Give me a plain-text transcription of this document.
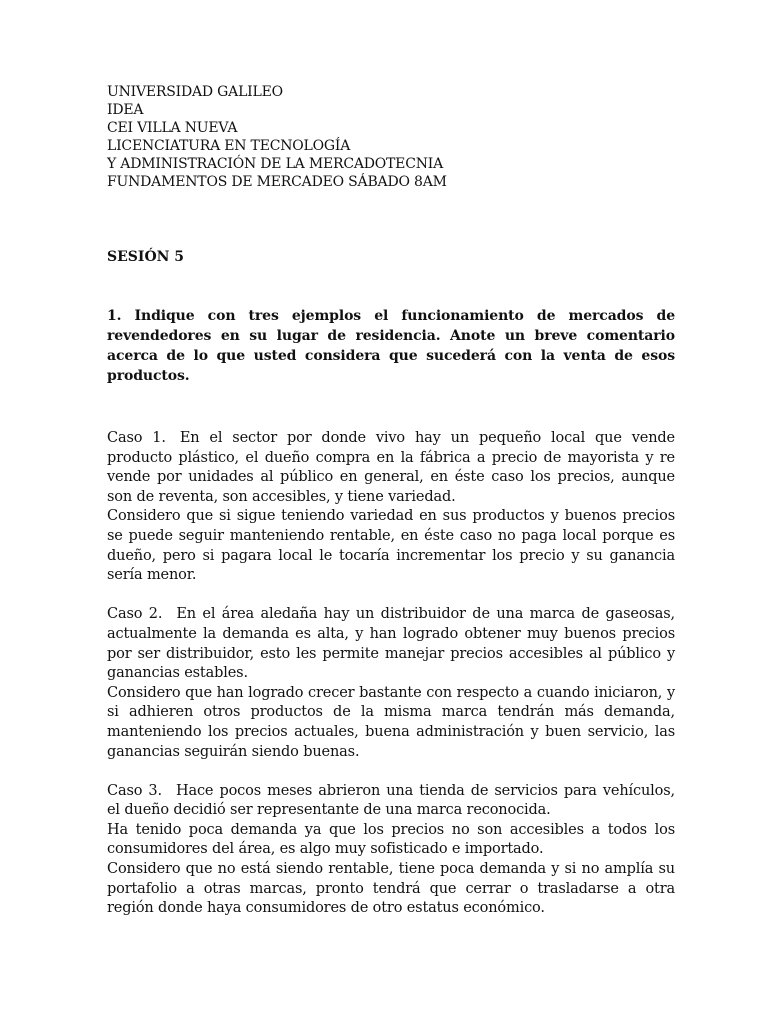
UNIVERSIDAD GALILEO
IDEA
CEI VILLA NUEVA
LICENCIATURA EN TECNOLOGÍA
Y ADMINISTRACIÓN DE LA MERCADOTECNIA
FUNDAMENTOS DE MERCADEO SÁBADO 8AM
SESIÓN 5
1. Indique con tres ejemplos el funcionamiento de mercados de revendedores en su lugar de residencia. Anote un breve comentario acerca de lo que usted considera que sucederá con la venta de esos productos.

Caso 1. En el sector por donde vivo hay un pequeño local que vende producto plástico, el dueño compra en la fábrica a precio de mayorista y re vende por unidades al público en general, en éste caso los precios, aunque son de reventa, son accesibles, y tiene variedad.

Considero que si sigue teniendo variedad en sus productos y buenos precios se puede seguir manteniendo rentable, en éste caso no paga local porque es dueño, pero si pagara local le tocaría incrementar los precio y su ganancia sería menor.

Caso 2. En el área aledaña hay un distribuidor de una marca de gaseosas, actualmente la demanda es alta, y han logrado obtener muy buenos precios por ser distribuidor, esto les permite manejar precios accesibles al público y ganancias estables.

Considero que han logrado crecer bastante con respecto a cuando iniciaron, y si adhieren otros productos de la misma marca tendrán más demanda, manteniendo los precios actuales, buena administración y buen servicio, las ganancias seguirán siendo buenas.

Caso 3. Hace pocos meses abrieron una tienda de servicios para vehículos, el dueño decidió ser representante de una marca reconocida.

Ha tenido poca demanda ya que los precios no son accesibles a todos los consumidores del área, es algo muy sofisticado e importado.

Considero que no está siendo rentable, tiene poca demanda y si no amplía su portafolio a otras marcas, pronto tendrá que cerrar o trasladarse a otra región donde haya consumidores de otro estatus económico.
